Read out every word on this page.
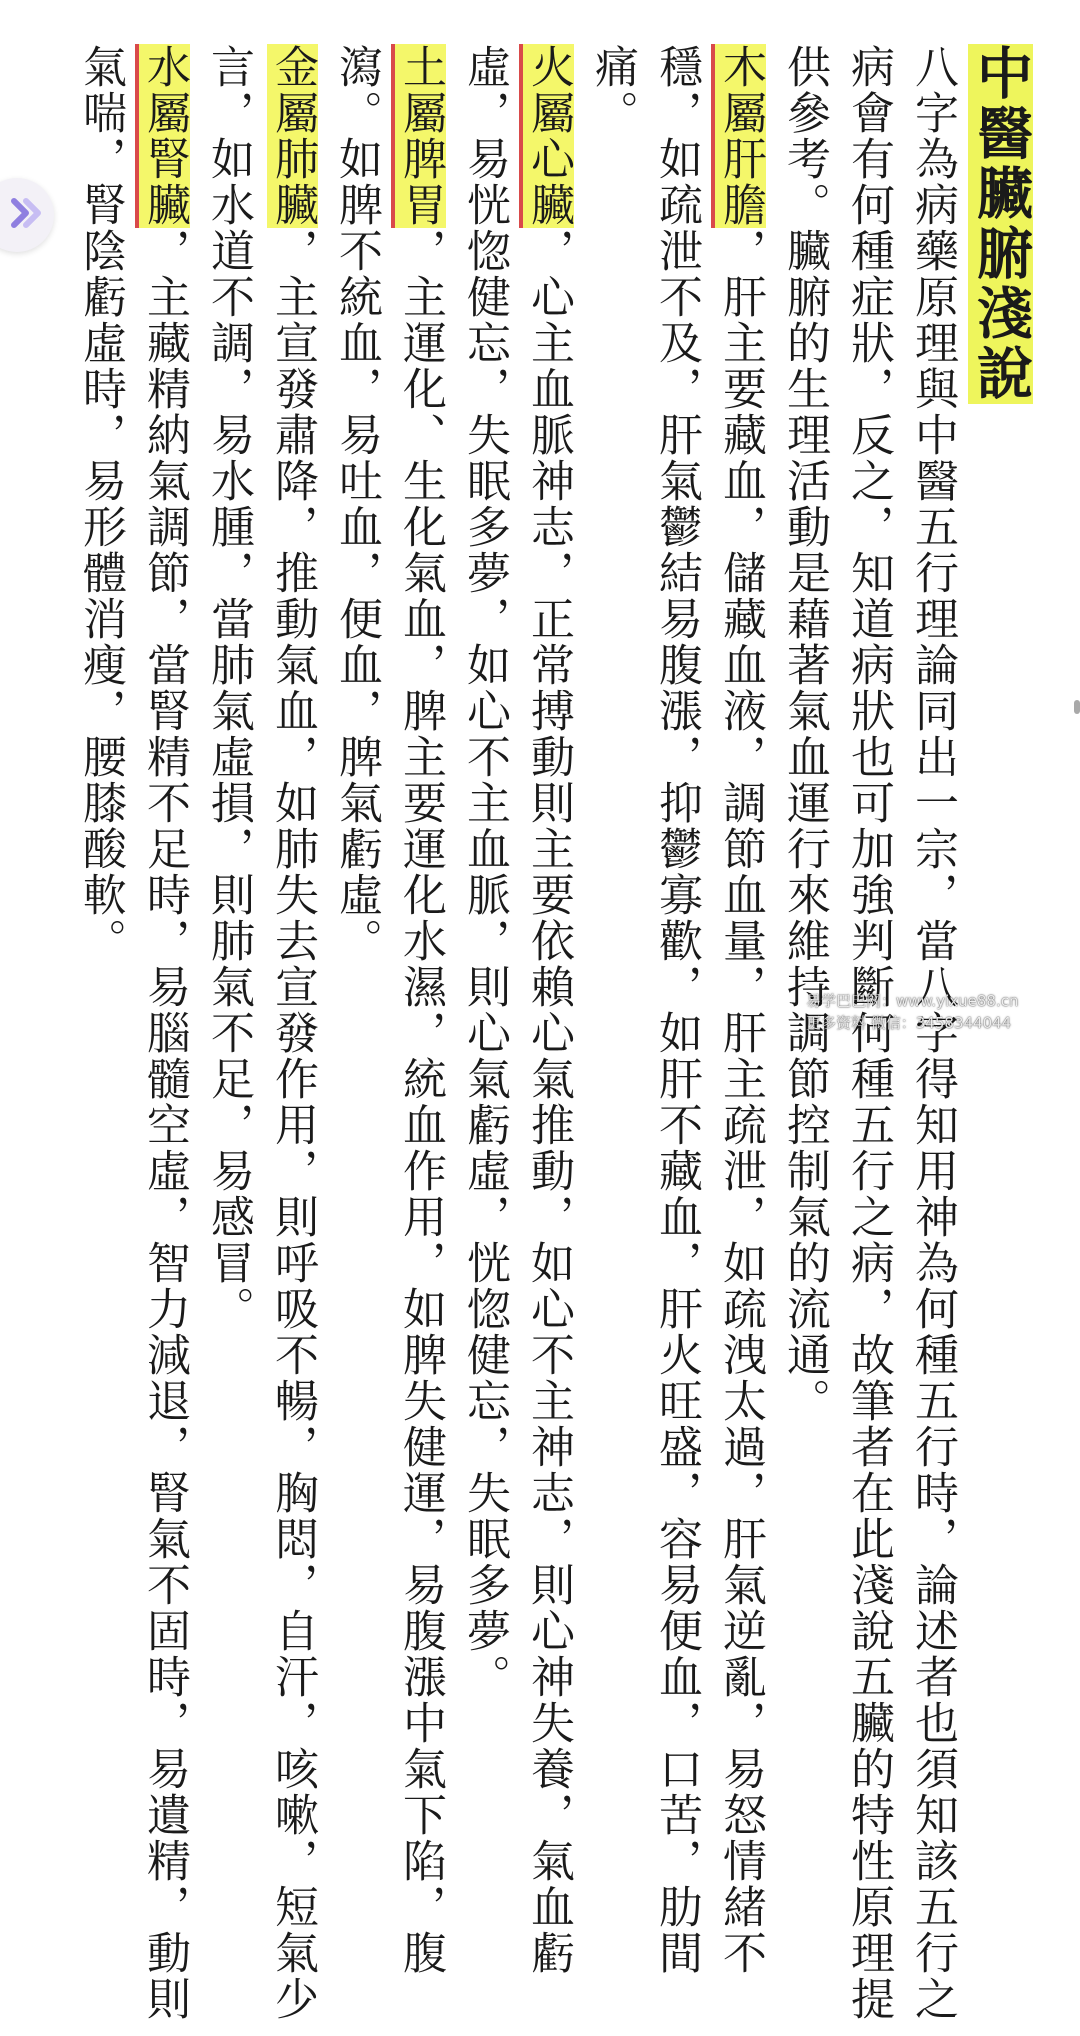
中醫臟腑淺說

八字為病藥原理與中醫五行理論同出一宗，當八字得知用神為何種五行時，論述者也須知該五行之病會有何種症狀，反之，知道病狀也可加強判斷何種五行之病，故筆者在此淺說五臟的特性原理提供參考。臟腑的生理活動是藉著氣血運行來維持調節控制氣的流通。

木屬肝膽，肝主要藏血，儲藏血液，調節血量，肝主疏泄，如疏洩太過，肝氣逆亂，易怒情緒不穩，如疏泄不及，肝氣鬱結易腹漲，抑鬱寡歡，如肝不藏血，肝火旺盛，容易便血，口苦，肋間痛。

火屬心臟，心主血脈神志，正常搏動則主要依賴心氣推動，如心不主神志，則心神失養，氣血虧虛，易恍惚健忘，失眠多夢，如心不主血脈，則心氣虧虛，恍惚健忘，失眠多夢。

土屬脾胃，主運化、生化氣血，脾主要運化水濕，統血作用，如脾失健運，易腹漲中氣下陷，腹瀉。如脾不統血，易吐血，便血，脾氣虧虛。

金屬肺臟，主宣發肅降，推動氣血，如肺失去宣發作用，則呼吸不暢，胸悶，自汗，咳嗽，短氣少言，如水道不調，易水腫，當肺氣虛損，則肺氣不足，易感冒。

水屬腎臟，主藏精納氣調節，當腎精不足時，易腦髓空虛，智力減退，腎氣不固時，易遺精，動則氣喘，腎陰虧虛時，易形體消瘦，腰膝酸軟。

易学巴巴网：www.yixue88.cn
更多资料 微信：3458344044
